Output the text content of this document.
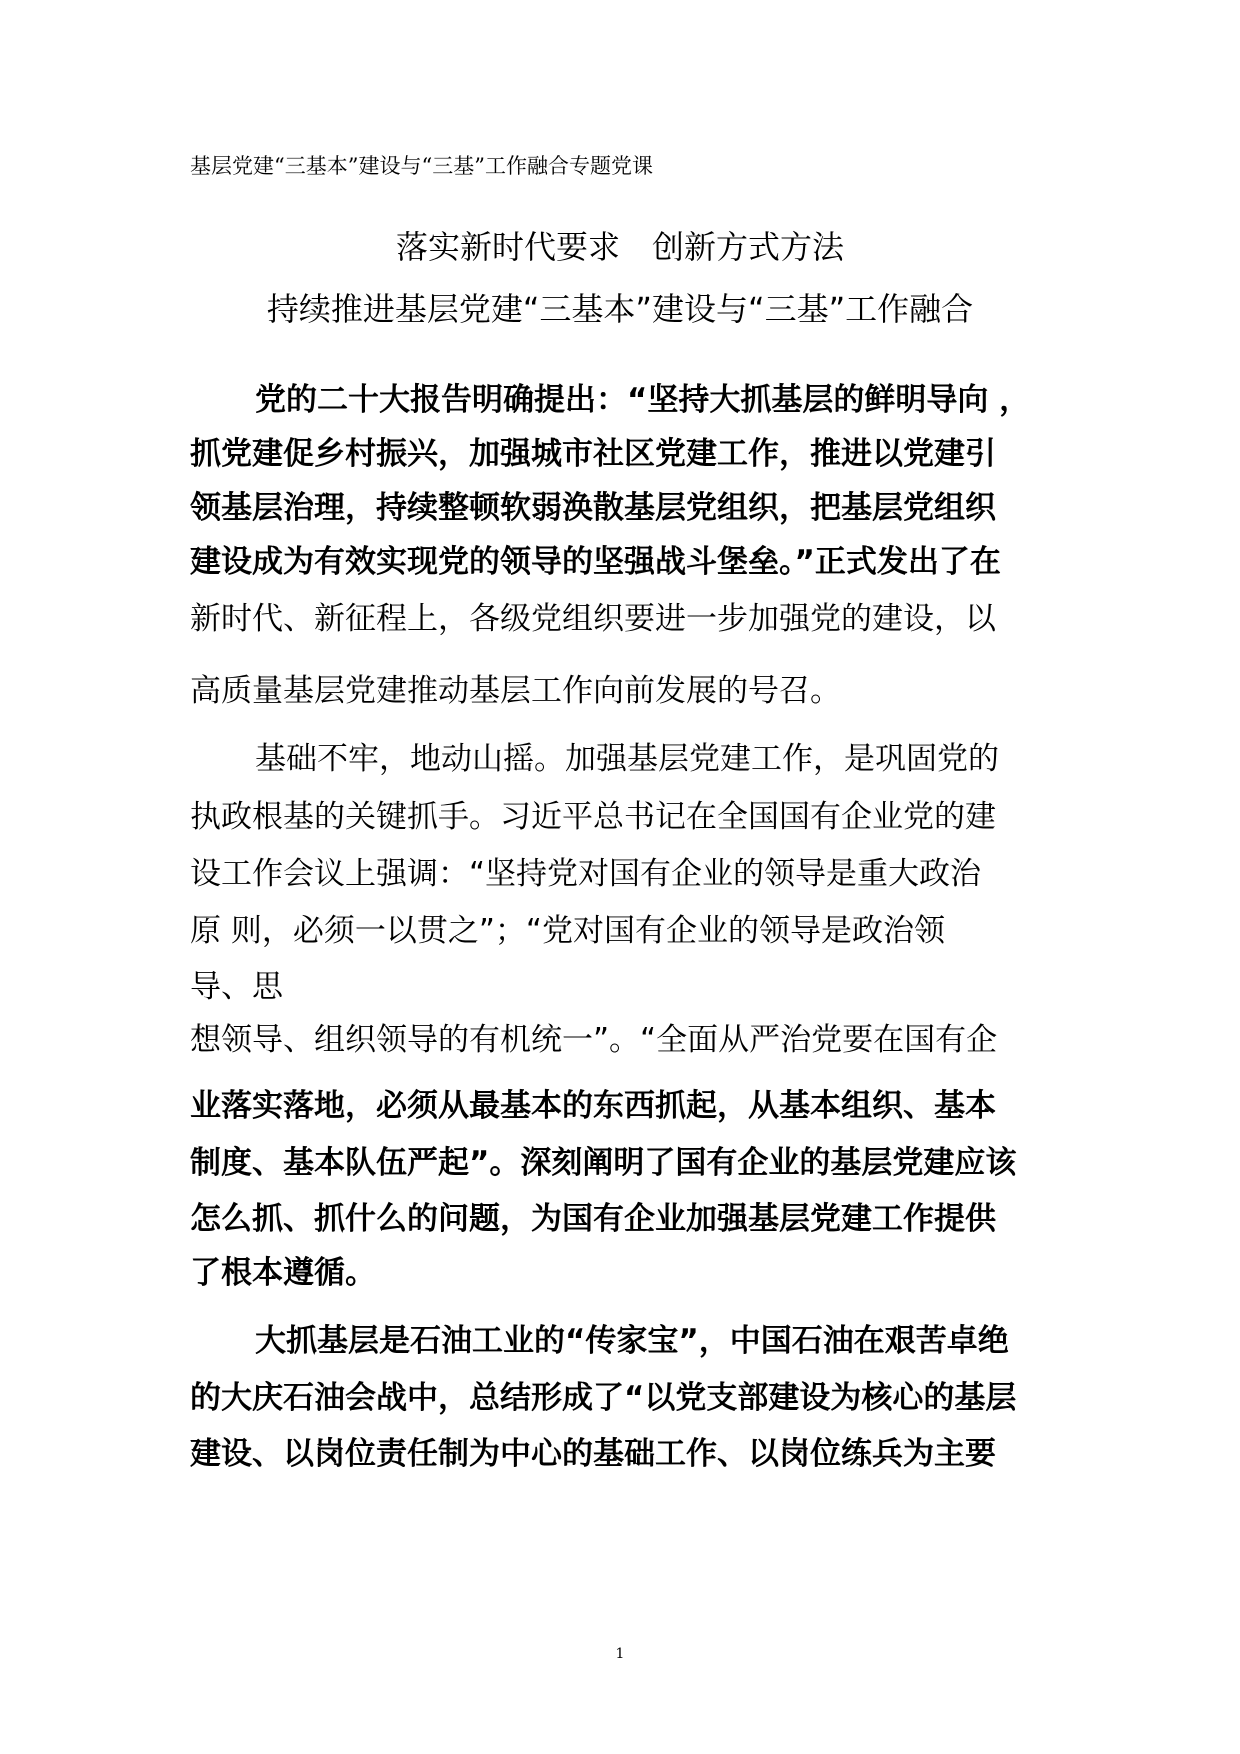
基层党建“三基本”建设与“三基”工作融合专题党课
落实新时代要求　创新方式方法
持续推进基层党建“三基本”建设与“三基”工作融合
党的二十大报告明确提出：“坚持大抓基层的鲜明导向 ，
抓党建促乡村振兴，加强城市社区党建工作，推进以党建引
领基层治理，持续整顿软弱涣散基层党组织，把基层党组织
建设成为有效实现党的领导的坚强战斗堡垒。”正式发出了在
新时代、新征程上，各级党组织要进一步加强党的建设，以
高质量基层党建推动基层工作向前发展的号召。
基础不牢，地动山摇。加强基层党建工作，是巩固党的
执政根基的关键抓手。习近平总书记在全国国有企业党的建
设工作会议上强调：“坚持党对国有企业的领导是重大政治
原 则，必须一以贯之”；“党对国有企业的领导是政治领
导、思
想领导、组织领导的有机统一”。“全面从严治党要在国有企
业落实落地，必须从最基本的东西抓起，从基本组织、基本
制度、基本队伍严起”。深刻阐明了国有企业的基层党建应该
怎么抓、抓什么的问题，为国有企业加强基层党建工作提供
了根本遵循。
大抓基层是石油工业的“传家宝”，中国石油在艰苦卓绝
的大庆石油会战中，总结形成了“以党支部建设为核心的基层
建设、以岗位责任制为中心的基础工作、以岗位练兵为主要
1
